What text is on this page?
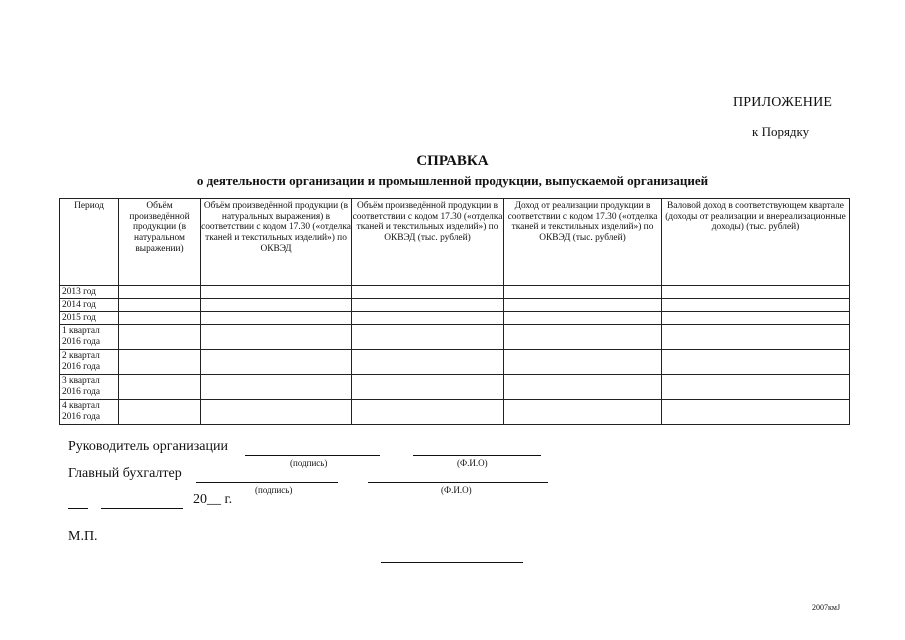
ПРИЛОЖЕНИЕ
к Порядку
СПРАВКА
о деятельности организации и промышленной продукции, выпускаемой организацией
Период	Объём произведённой продукции (в натуральном выражении)	Объём произведённой продукции (в натуральных выражения) в соответствии с кодом 17.30 («отделка тканей и текстильных изделий») по ОКВЭД	Объём произведённой продукции в соответствии с кодом 17.30 («отделка тканей и текстильных изделий») по ОКВЭД (тыс. рублей)	Доход от реализации продукции в соответствии с кодом 17.30 («отделка тканей и текстильных изделий») по ОКВЭД (тыс. рублей)	Валовой доход в соответствующем квартале (доходы от реализации и внереализационные доходы) (тыс. рублей)
2013 год					
2014 год					
2015 год					
1 квартал
2016 года					
2 квартал
2016 года					
3 квартал
2016 года					
4 квартал
2016 года					
Руководитель организации
(подпись)	(Ф.И.О)
Главный бухгалтер
(подпись)	(Ф.И.О)
20__ г.
М.П.
2007кмJ
